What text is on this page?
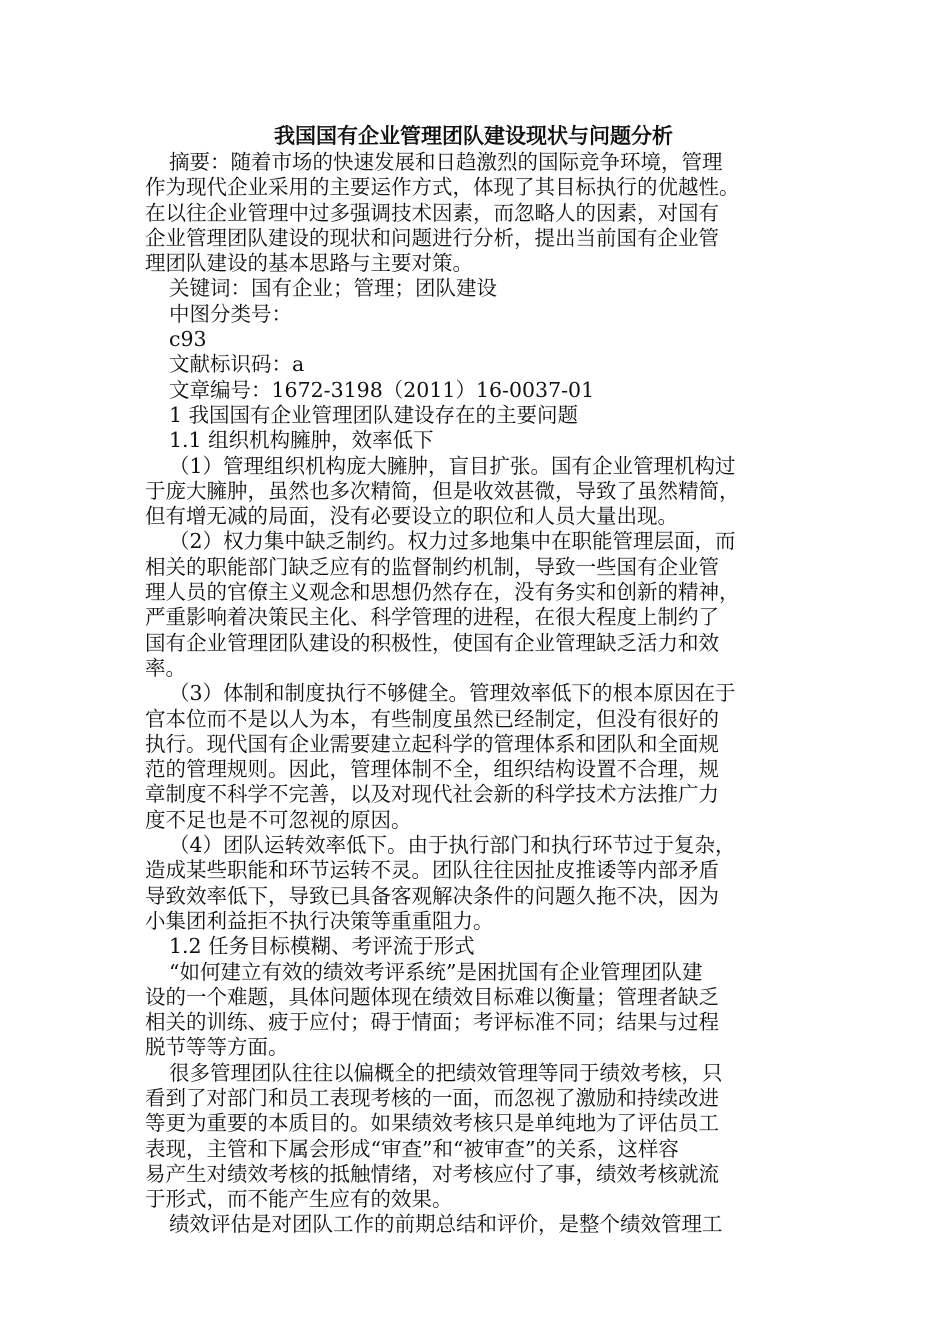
我国国有企业管理团队建设现状与问题分析
摘要：随着市场的快速发展和日趋激烈的国际竞争环境，管理
作为现代企业采用的主要运作方式，体现了其目标执行的优越性。
在以往企业管理中过多强调技术因素，而忽略人的因素，对国有
企业管理团队建设的现状和问题进行分析，提出当前国有企业管
理团队建设的基本思路与主要对策。
关键词：国有企业；管理；团队建设
中图分类号：
c93
文献标识码：a
文章编号：1672-3198（2011）16-0037-01
1 我国国有企业管理团队建设存在的主要问题
1.1 组织机构臃肿，效率低下
（1）管理组织机构庞大臃肿，盲目扩张。国有企业管理机构过
于庞大臃肿，虽然也多次精简，但是收效甚微，导致了虽然精简，
但有增无减的局面，没有必要设立的职位和人员大量出现。
（2）权力集中缺乏制约。权力过多地集中在职能管理层面，而
相关的职能部门缺乏应有的监督制约机制，导致一些国有企业管
理人员的官僚主义观念和思想仍然存在，没有务实和创新的精神，
严重影响着决策民主化、科学管理的进程，在很大程度上制约了
国有企业管理团队建设的积极性，使国有企业管理缺乏活力和效
率。
（3）体制和制度执行不够健全。管理效率低下的根本原因在于
官本位而不是以人为本，有些制度虽然已经制定，但没有很好的
执行。现代国有企业需要建立起科学的管理体系和团队和全面规
范的管理规则。因此，管理体制不全，组织结构设置不合理，规
章制度不科学不完善，以及对现代社会新的科学技术方法推广力
度不足也是不可忽视的原因。
（4）团队运转效率低下。由于执行部门和执行环节过于复杂，
造成某些职能和环节运转不灵。团队往往因扯皮推诿等内部矛盾
导致效率低下，导致已具备客观解决条件的问题久拖不决，因为
小集团利益拒不执行决策等重重阻力。
1.2 任务目标模糊、考评流于形式
“如何建立有效的绩效考评系统”是困扰国有企业管理团队建
设的一个难题，具体问题体现在绩效目标难以衡量；管理者缺乏
相关的训练、疲于应付；碍于情面；考评标准不同；结果与过程
脱节等等方面。
很多管理团队往往以偏概全的把绩效管理等同于绩效考核，只
看到了对部门和员工表现考核的一面，而忽视了激励和持续改进
等更为重要的本质目的。如果绩效考核只是单纯地为了评估员工
表现，主管和下属会形成“审查”和“被审查”的关系，这样容
易产生对绩效考核的抵触情绪，对考核应付了事，绩效考核就流
于形式，而不能产生应有的效果。
绩效评估是对团队工作的前期总结和评价，是整个绩效管理工
